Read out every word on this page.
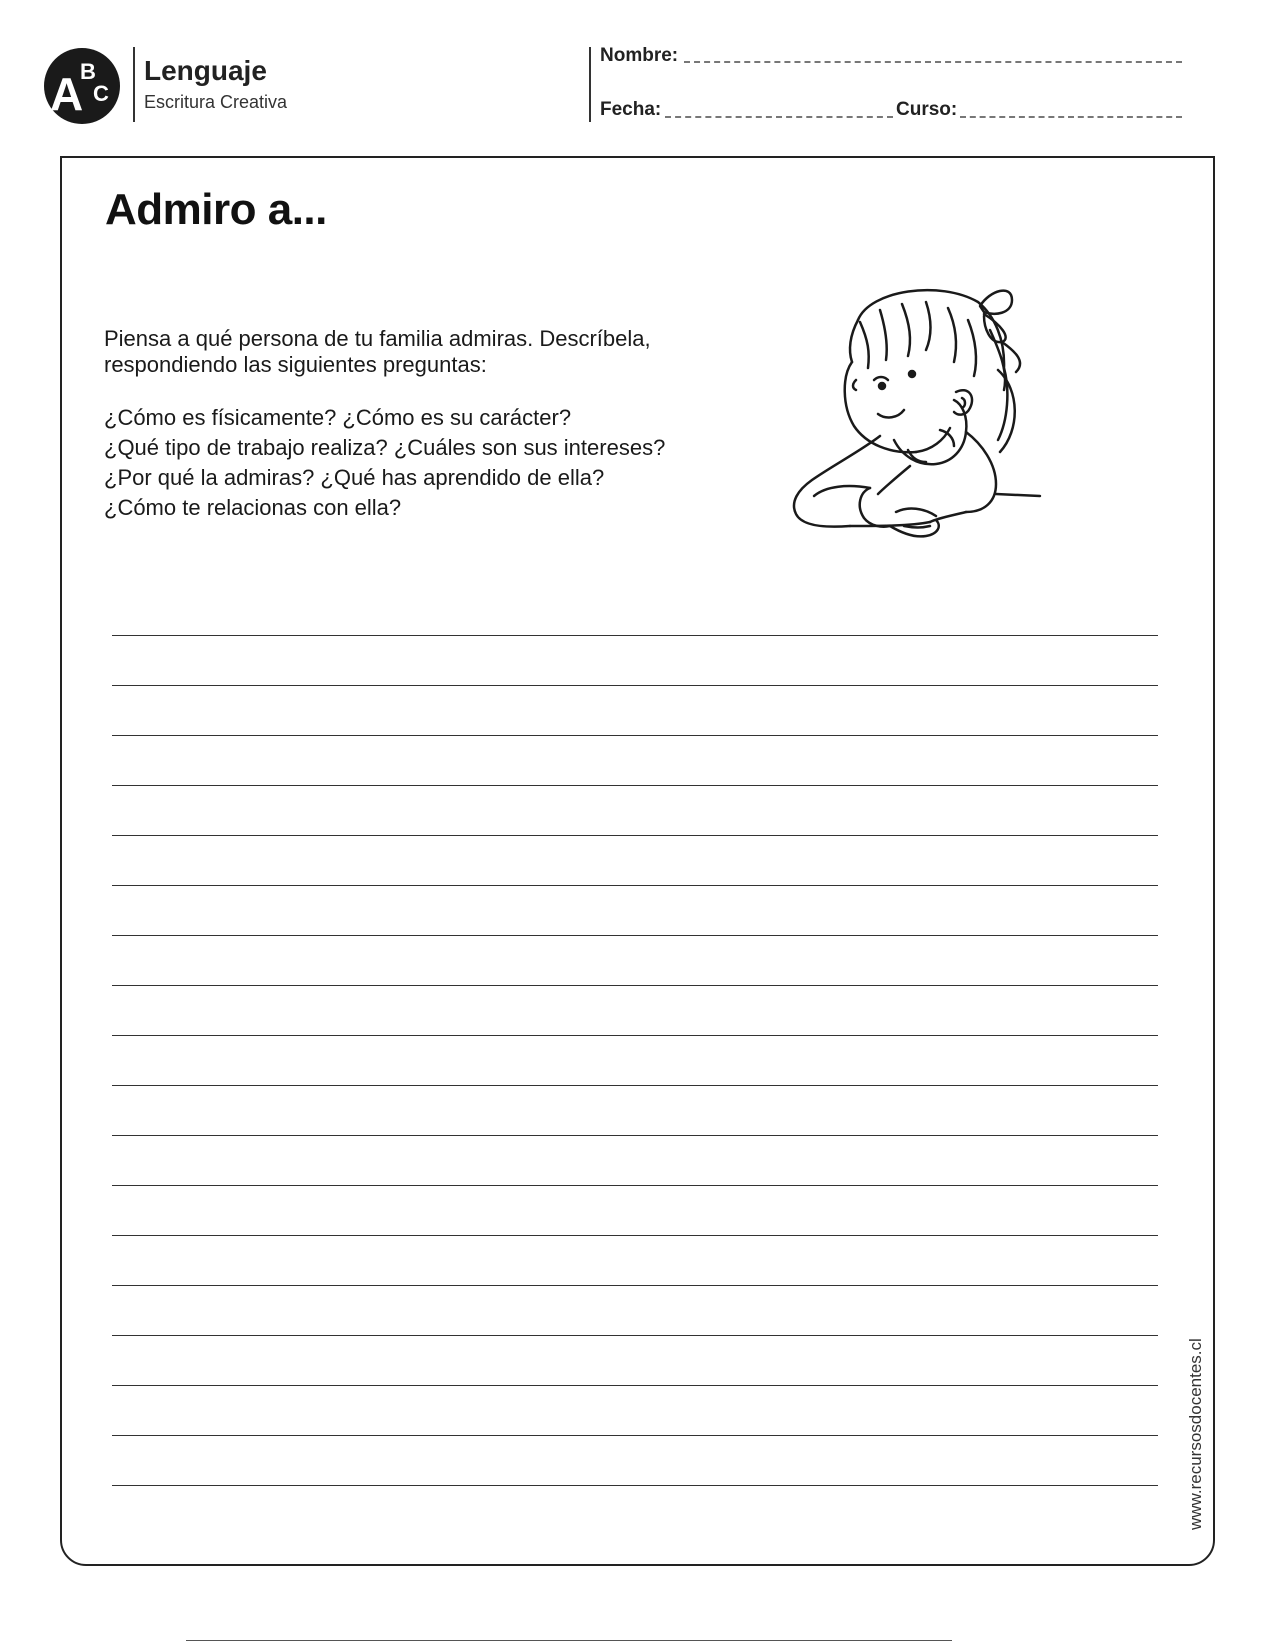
A
B
C
Lenguaje
Escritura Creativa
Nombre:
Fecha:	Curso:
Admiro a...
Piensa a qué persona de tu familia admiras. Descríbela, respondiendo las siguientes preguntas:
¿Cómo es físicamente? ¿Cómo es su carácter?
¿Qué tipo de trabajo realiza? ¿Cuáles son sus intereses?
¿Por qué la admiras? ¿Qué has aprendido de ella?
¿Cómo te relacionas con ella?
www.recursosdocentes.cl
